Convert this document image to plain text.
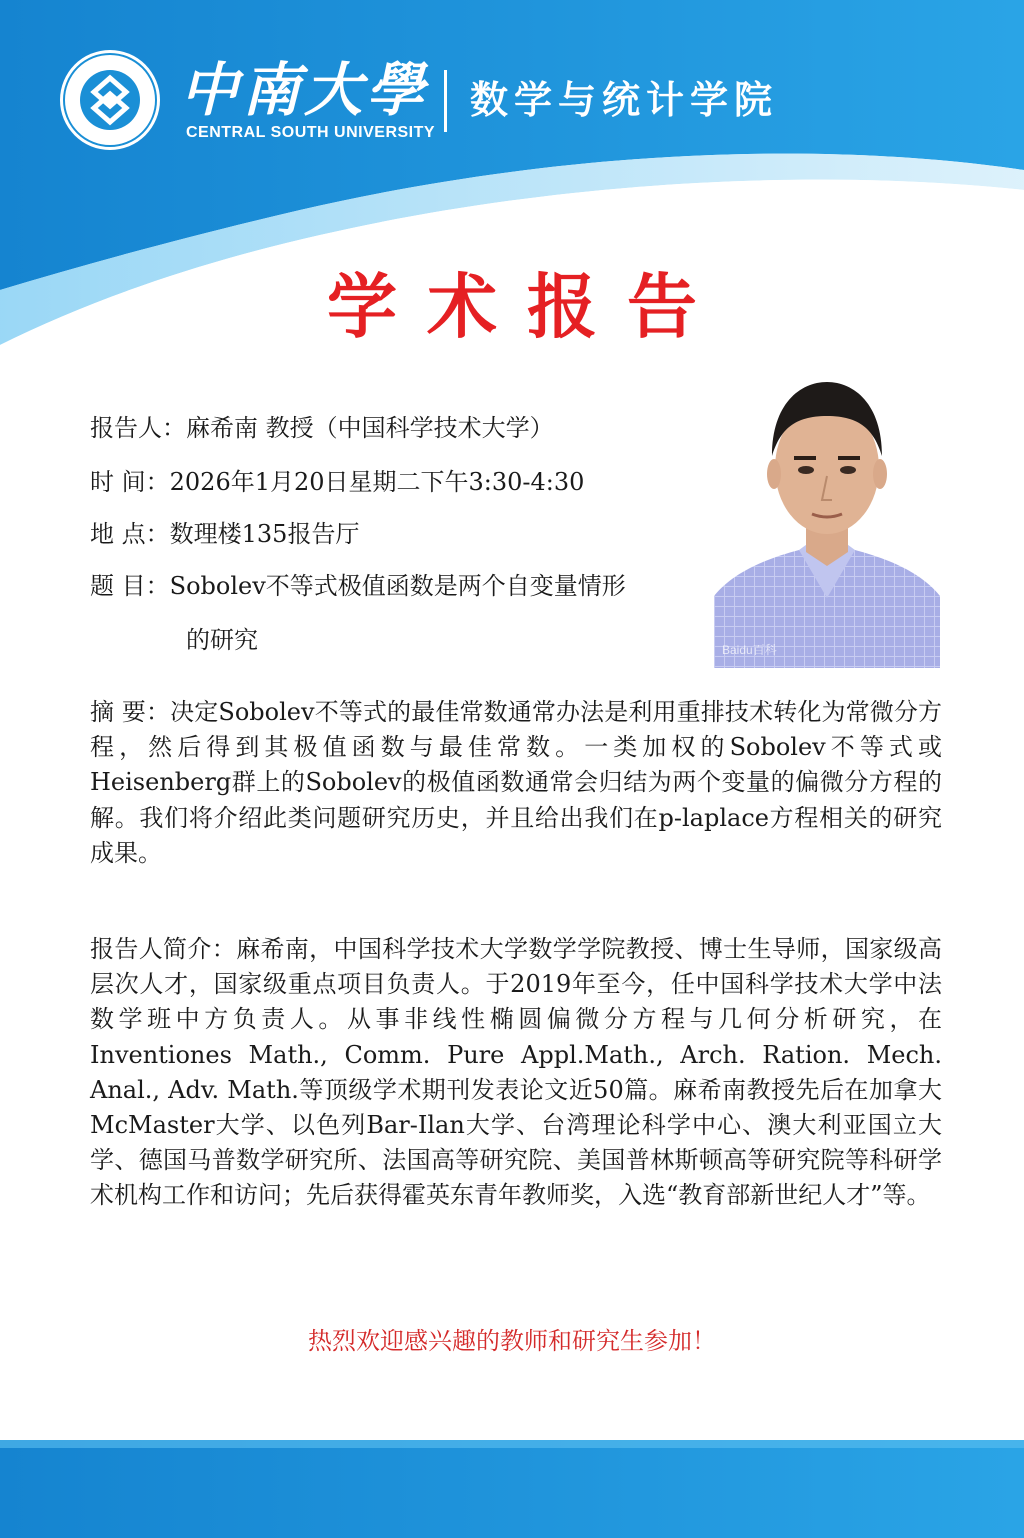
中南大學
CENTRAL SOUTH UNIVERSITY
数学与统计学院
学术报告
报告人：麻希南 教授（中国科学技术大学）
时 间：2026年1月20日星期二下午3:30-4:30
地 点：数理楼135报告厅
题 目：Sobolev不等式极值函数是两个自变量情形
的研究	Baidu百科

摘 要：决定Sobolev不等式的最佳常数通常办法是利用重排技术转化为常微分方程，然后得到其极值函数与最佳常数。一类加权的Sobolev不等式或Heisenberg群上的Sobolev的极值函数通常会归结为两个变量的偏微分方程的解。我们将介绍此类问题研究历史，并且给出我们在p-laplace方程相关的研究成果。

报告人简介：麻希南，中国科学技术大学数学学院教授、博士生导师，国家级高层次人才，国家级重点项目负责人。于2019年至今，任中国科学技术大学中法数学班中方负责人。从事非线性椭圆偏微分方程与几何分析研究，在Inventiones Math., Comm. Pure Appl.Math., Arch. Ration. Mech. Anal., Adv. Math.等顶级学术期刊发表论文近50篇。麻希南教授先后在加拿大McMaster大学、以色列Bar-Ilan大学、台湾理论科学中心、澳大利亚国立大学、德国马普数学研究所、法国高等研究院、美国普林斯顿高等研究院等科研学术机构工作和访问；先后获得霍英东青年教师奖，入选“教育部新世纪人才”等。

热烈欢迎感兴趣的教师和研究生参加！
